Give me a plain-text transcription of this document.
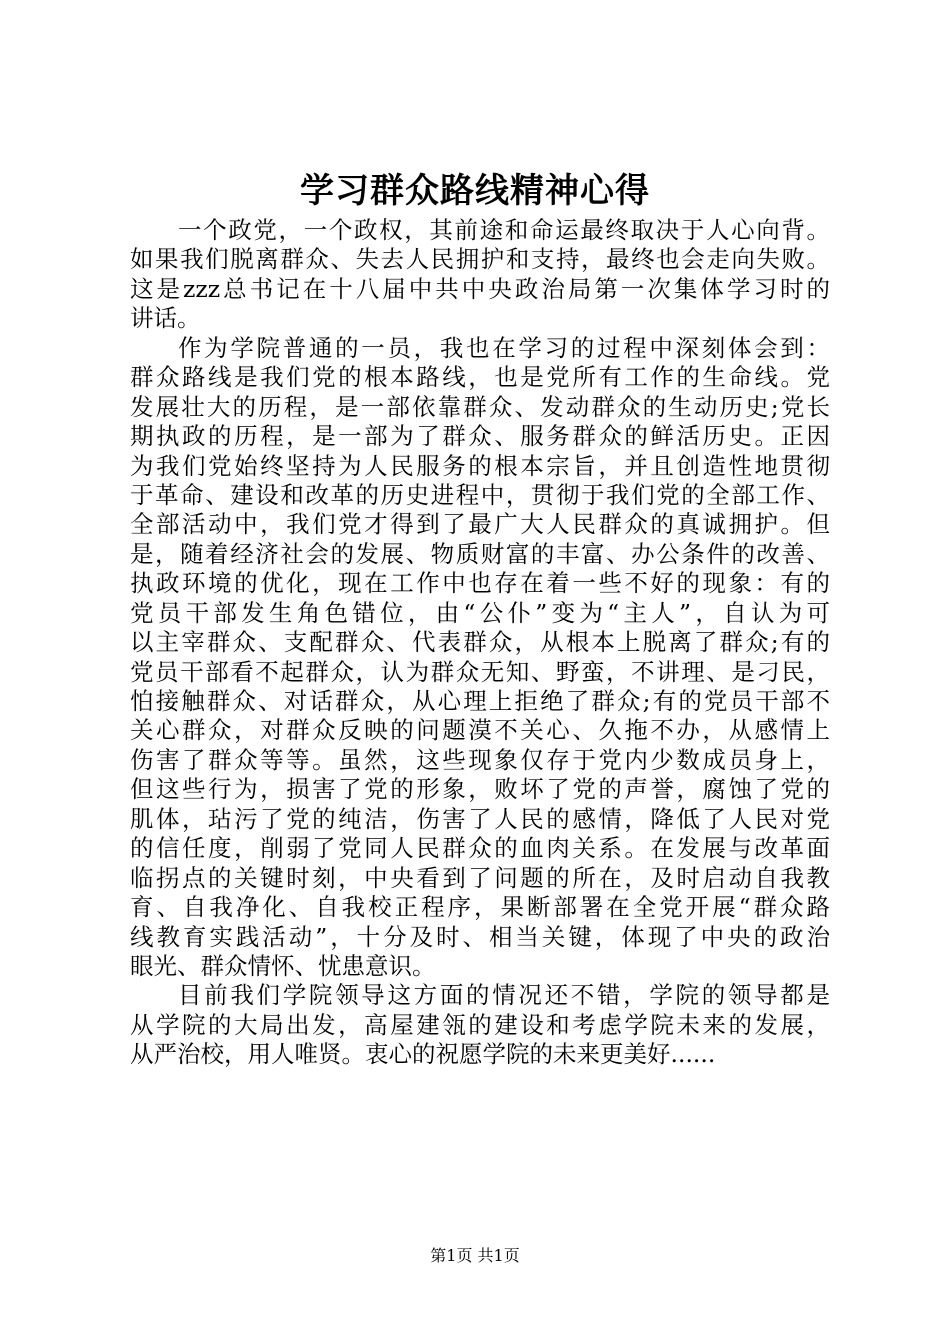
学习群众路线精神心得
一个政党，一个政权，其前途和命运最终取决于人心向背。
如果我们脱离群众、失去人民拥护和支持，最终也会走向失败。
这是zzz总书记在十八届中共中央政治局第一次集体学习时的
讲话。
作为学院普通的一员，我也在学习的过程中深刻体会到：
群众路线是我们党的根本路线，也是党所有工作的生命线。党
发展壮大的历程，是一部依靠群众、发动群众的生动历史;党长
期执政的历程，是一部为了群众、服务群众的鲜活历史。正因
为我们党始终坚持为人民服务的根本宗旨，并且创造性地贯彻
于革命、建设和改革的历史进程中，贯彻于我们党的全部工作、
全部活动中，我们党才得到了最广大人民群众的真诚拥护。但
是，随着经济社会的发展、物质财富的丰富、办公条件的改善、
执政环境的优化，现在工作中也存在着一些不好的现象：有的
党员干部发生角色错位，由“公仆”变为“主人”，自认为可
以主宰群众、支配群众、代表群众，从根本上脱离了群众;有的
党员干部看不起群众，认为群众无知、野蛮，不讲理、是刁民，
怕接触群众、对话群众，从心理上拒绝了群众;有的党员干部不
关心群众，对群众反映的问题漠不关心、久拖不办，从感情上
伤害了群众等等。虽然，这些现象仅存于党内少数成员身上，
但这些行为，损害了党的形象，败坏了党的声誉，腐蚀了党的
肌体，玷污了党的纯洁，伤害了人民的感情，降低了人民对党
的信任度，削弱了党同人民群众的血肉关系。在发展与改革面
临拐点的关键时刻，中央看到了问题的所在，及时启动自我教
育、自我净化、自我校正程序，果断部署在全党开展“群众路
线教育实践活动”，十分及时、相当关键，体现了中央的政治
眼光、群众情怀、忧患意识。
目前我们学院领导这方面的情况还不错，学院的领导都是
从学院的大局出发，高屋建瓴的建设和考虑学院未来的发展，
从严治校，用人唯贤。衷心的祝愿学院的未来更美好......
第1页 共1页
